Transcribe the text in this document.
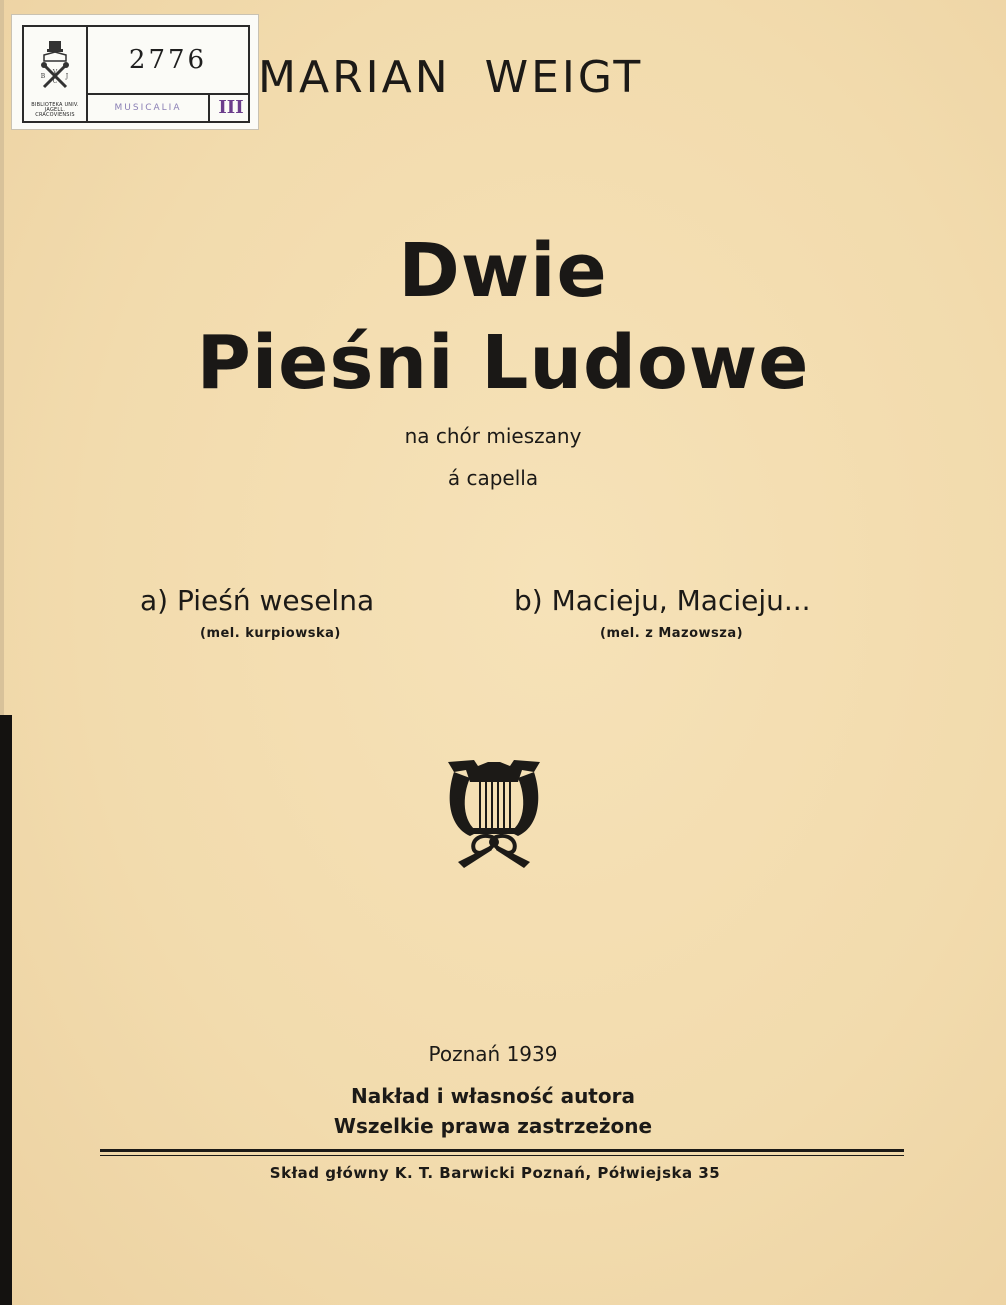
V
B	J
C
BIBLIOTEKA UNIV. JAGELL. CRACOVIENSIS
2776
MUSICALIA	III
MARIAN  WEIGT
Dwie
Pieśni Ludowe
na chór mieszany
á capella
a) Pieśń weselna
(mel. kurpiowska)
b) Macieju, Macieju...
(mel. z Mazowsza)
Poznań 1939
Nakład i własność autora
Wszelkie prawa zastrzeżone
Skład główny K. T. Barwicki Poznań, Półwiejska 35
